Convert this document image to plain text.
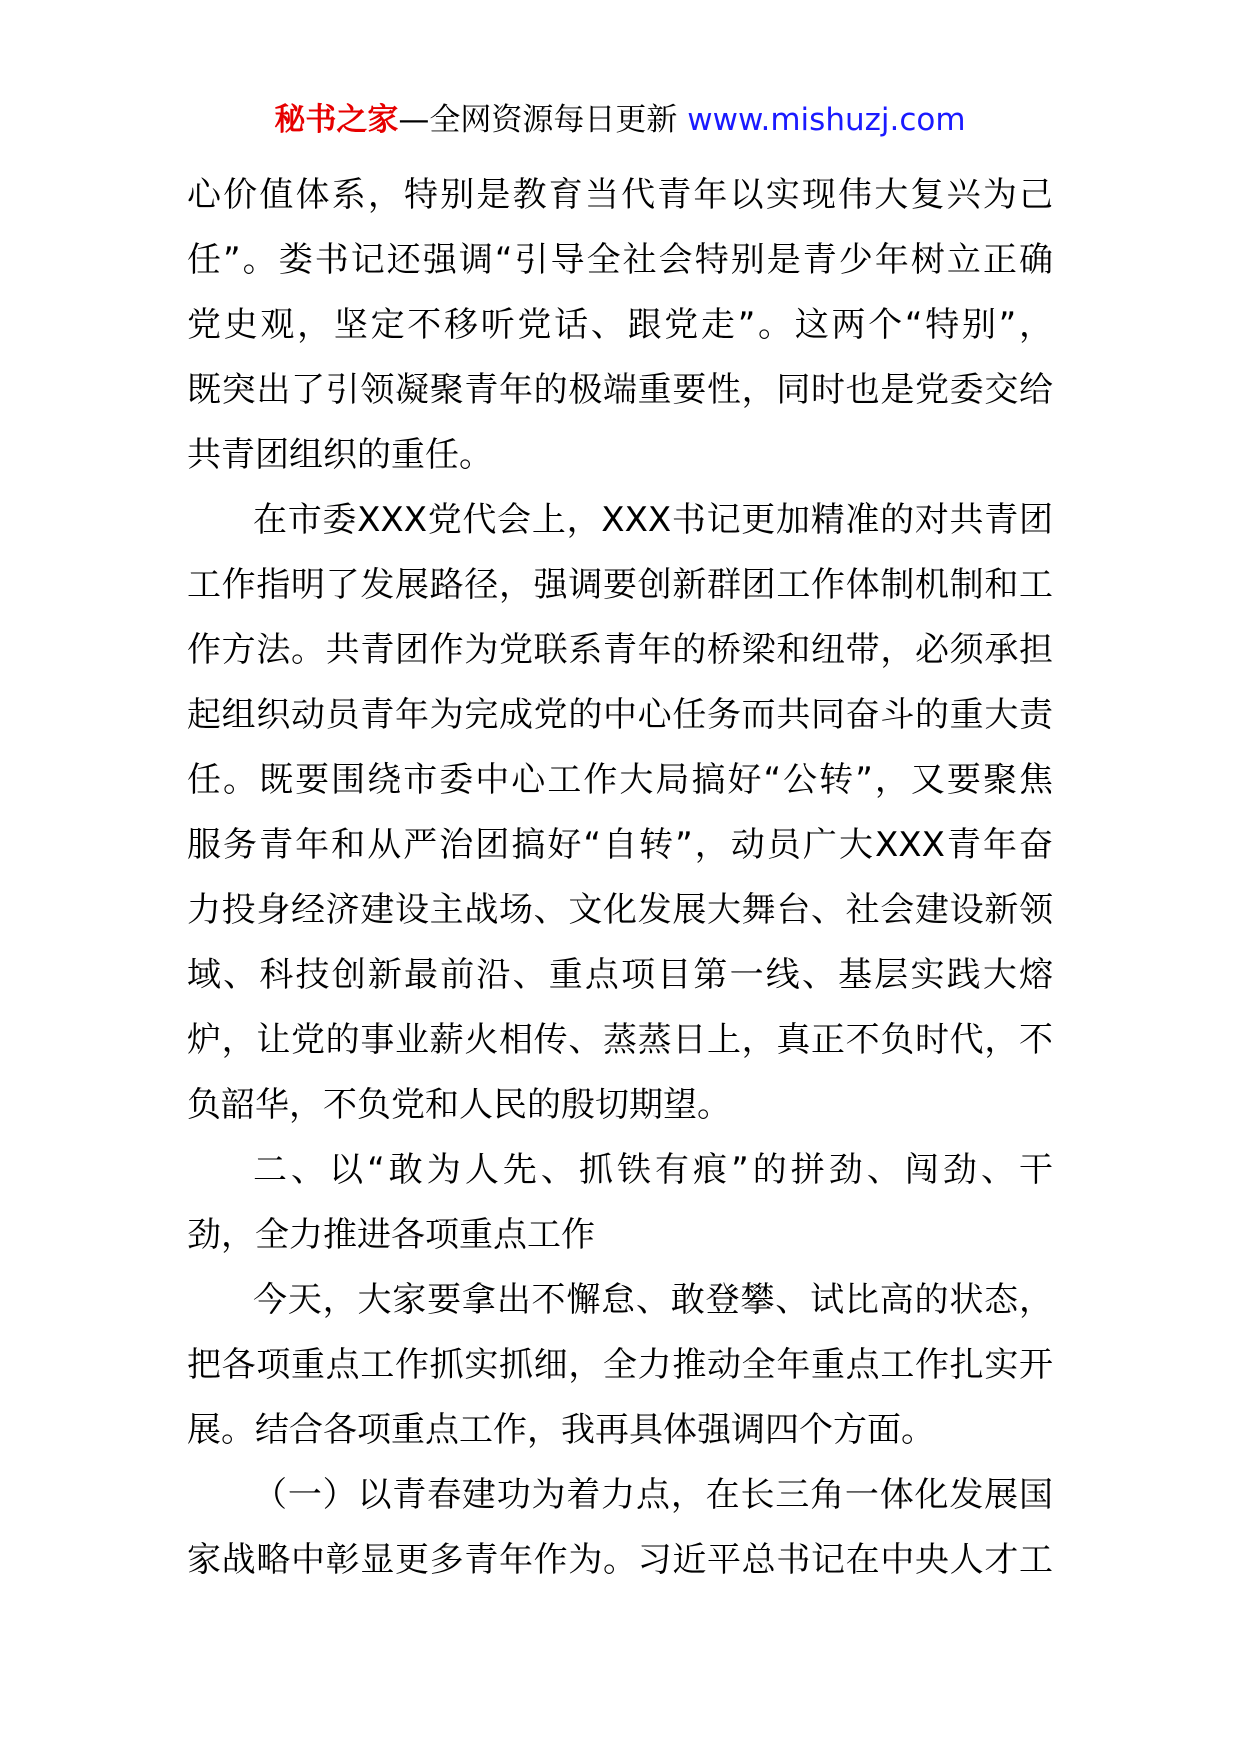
秘书之家—全网资源每日更新 www.mishuzj.com
心价值体系，特别是教育当代青年以实现伟大复兴为己
任”。娄书记还强调“引导全社会特别是青少年树立正确
党史观，坚定不移听党话、跟党走”。这两个“特别”，
既突出了引领凝聚青年的极端重要性，同时也是党委交给
共青团组织的重任。
在市委XXX党代会上，XXX书记更加精准的对共青团
工作指明了发展路径，强调要创新群团工作体制机制和工
作方法。共青团作为党联系青年的桥梁和纽带，必须承担
起组织动员青年为完成党的中心任务而共同奋斗的重大责
任。既要围绕市委中心工作大局搞好“公转”，又要聚焦
服务青年和从严治团搞好“自转”，动员广大XXX青年奋
力投身经济建设主战场、文化发展大舞台、社会建设新领
域、科技创新最前沿、重点项目第一线、基层实践大熔
炉，让党的事业薪火相传、蒸蒸日上，真正不负时代，不
负韶华，不负党和人民的殷切期望。
二、以“敢为人先、抓铁有痕”的拼劲、闯劲、干
劲，全力推进各项重点工作
今天，大家要拿出不懈怠、敢登攀、试比高的状态，
把各项重点工作抓实抓细，全力推动全年重点工作扎实开
展。结合各项重点工作，我再具体强调四个方面。
（一）以青春建功为着力点，在长三角一体化发展国
家战略中彰显更多青年作为。习近平总书记在中央人才工
